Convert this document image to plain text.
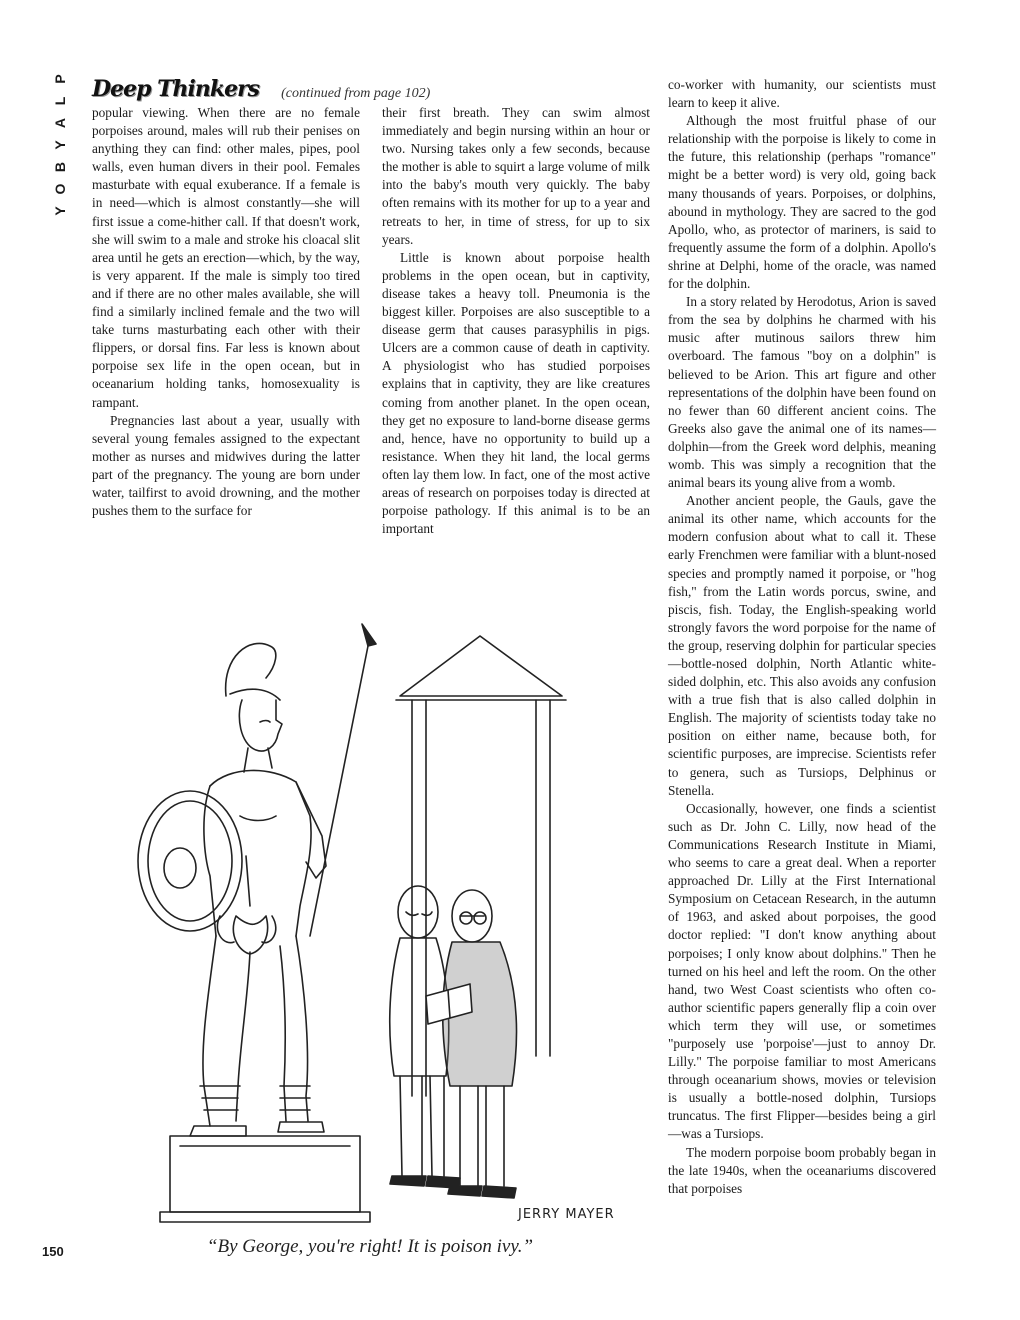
P
L
A
Y
B
O
Y
Deep Thinkers (continued from page 102)

popular viewing. When there are no female porpoises around, males will rub their penises on anything they can find: other males, pipes, pool walls, even human divers in their pool. Females masturbate with equal exuberance. If a female is in need—which is almost constantly—she will first issue a come-hither call. If that doesn't work, she will swim to a male and stroke his cloacal slit area until he gets an erection—which, by the way, is very apparent. If the male is simply too tired and if there are no other males available, she will find a similarly inclined female and the two will take turns masturbating each other with their flippers, or dorsal fins. Far less is known about porpoise sex life in the open ocean, but in oceanarium holding tanks, homosexuality is rampant.

Pregnancies last about a year, usually with several young females assigned to the expectant mother as nurses and midwives during the latter part of the pregnancy. The young are born under water, tailfirst to avoid drowning, and the mother pushes them to the surface for

their first breath. They can swim almost immediately and begin nursing within an hour or two. Nursing takes only a few seconds, because the mother is able to squirt a large volume of milk into the baby's mouth very quickly. The baby often remains with its mother for up to a year and retreats to her, in time of stress, for up to six years.

Little is known about porpoise health problems in the open ocean, but in captivity, disease takes a heavy toll. Pneumonia is the biggest killer. Porpoises are also susceptible to a disease germ that causes parasyphilis in pigs. Ulcers are a common cause of death in captivity. A physiologist who has studied porpoises explains that in captivity, they are like creatures coming from another planet. In the open ocean, they get no exposure to land-borne disease germs and, hence, have no opportunity to build up a resistance. When they hit land, the local germs often lay them low. In fact, one of the most active areas of research on porpoises today is directed at porpoise pathology. If this animal is to be an important

co-worker with humanity, our scientists must learn to keep it alive.

Although the most fruitful phase of our relationship with the porpoise is likely to come in the future, this relationship (perhaps "romance" might be a better word) is very old, going back many thousands of years. Porpoises, or dolphins, abound in mythology. They are sacred to the god Apollo, who, as protector of mariners, is said to frequently assume the form of a dolphin. Apollo's shrine at Delphi, home of the oracle, was named for the dolphin.

In a story related by Herodotus, Arion is saved from the sea by dolphins he charmed with his music after mutinous sailors threw him overboard. The famous "boy on a dolphin" is believed to be Arion. This art figure and other representations of the dolphin have been found on no fewer than 60 different ancient coins. The Greeks also gave the animal one of its names—dolphin—from the Greek word delphis, meaning womb. This was simply a recognition that the animal bears its young alive from a womb.

Another ancient people, the Gauls, gave the animal its other name, which accounts for the modern confusion about what to call it. These early Frenchmen were familiar with a blunt-nosed species and promptly named it porpoise, or "hog fish," from the Latin words porcus, swine, and piscis, fish. Today, the English-speaking world strongly favors the word porpoise for the name of the group, reserving dolphin for particular species—bottle-nosed dolphin, North Atlantic white-sided dolphin, etc. This also avoids any confusion with a true fish that is also called dolphin in English. The majority of scientists today take no position on either name, because both, for scientific purposes, are imprecise. Scientists refer to genera, such as Tursiops, Delphinus or Stenella.

Occasionally, however, one finds a scientist such as Dr. John C. Lilly, now head of the Communications Research Institute in Miami, who seems to care a great deal. When a reporter approached Dr. Lilly at the First International Symposium on Cetacean Research, in the autumn of 1963, and asked about porpoises, the good doctor replied: "I don't know anything about porpoises; I only know about dolphins." Then he turned on his heel and left the room. On the other hand, two West Coast scientists who often co-author scientific papers generally flip a coin over which term they will use, or sometimes "purposely use 'porpoise'—just to annoy Dr. Lilly." The porpoise familiar to most Americans through oceanarium shows, movies or television is usually a bottle-nosed dolphin, Tursiops truncatus. The first Flipper—besides being a girl—was a Tursiops.

The modern porpoise boom probably began in the late 1940s, when the oceanariums discovered that porpoises

JERRY MAYER
“By George, you're right! It is poison ivy.”
150
